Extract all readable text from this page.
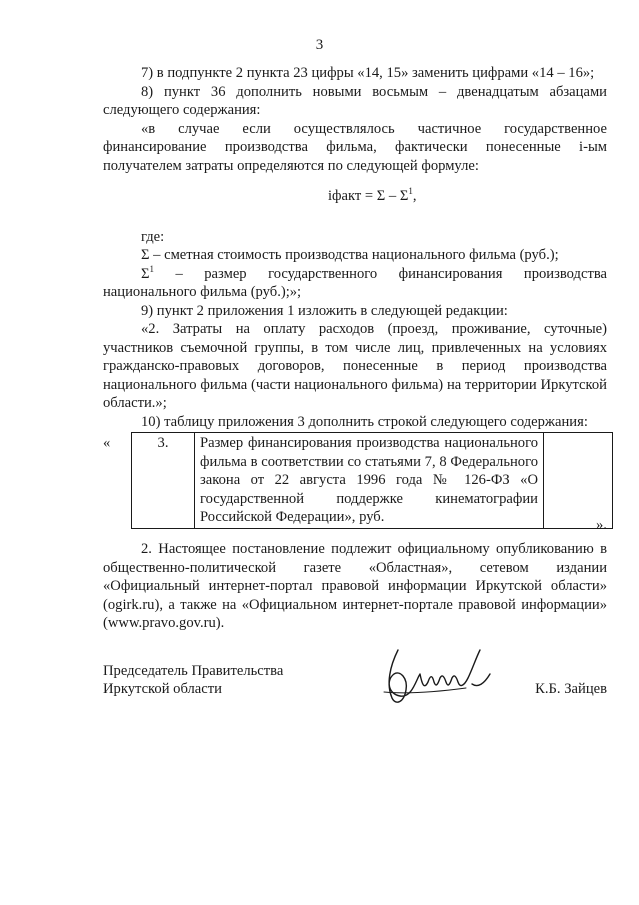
3

7) в подпункте 2 пункта 23 цифры «14, 15» заменить цифрами «14 – 16»;

8) пункт 36 дополнить новыми восьмым – двенадцатым абзацами следующего содержания:

«в случае если осуществлялось частичное государственное финансирование производства фильма, фактически понесенные i-ым получателем затраты определяются по следующей формуле:

iфакт = Σ – $\Sigma^1$,

где:

Σ – сметная стоимость производства национального фильма (руб.);

$\Sigma^1$ – размер государственного финансирования производства национального фильма (руб.);»;

9) пункт 2 приложения 1 изложить в следующей редакции:

«2. Затраты на оплату расходов (проезд, проживание, суточные) участников съемочной группы, в том числе лиц, привлеченных на условиях гражданско-правовых договоров, понесенные в период производства национального фильма (части национального фильма) на территории Иркутской области.»;

10) таблицу приложения 3 дополнить строкой следующего содержания:

«	3.	Размер финансирования производства национального фильма в соответствии со статьями 7, 8 Федерального закона от 22 августа 1996 года № 126-ФЗ «О государственной поддержке кинематографии Российской Федерации», руб.		».

2. Настоящее постановление подлежит официальному опубликованию в общественно-политической газете «Областная», сетевом издании «Официальный интернет-портал правовой информации Иркутской области» (ogirk.ru), а также на «Официальном интернет-портале правовой информации» (www.pravo.gov.ru).

Председатель Правительства
Иркутской области	К.Б. Зайцев
